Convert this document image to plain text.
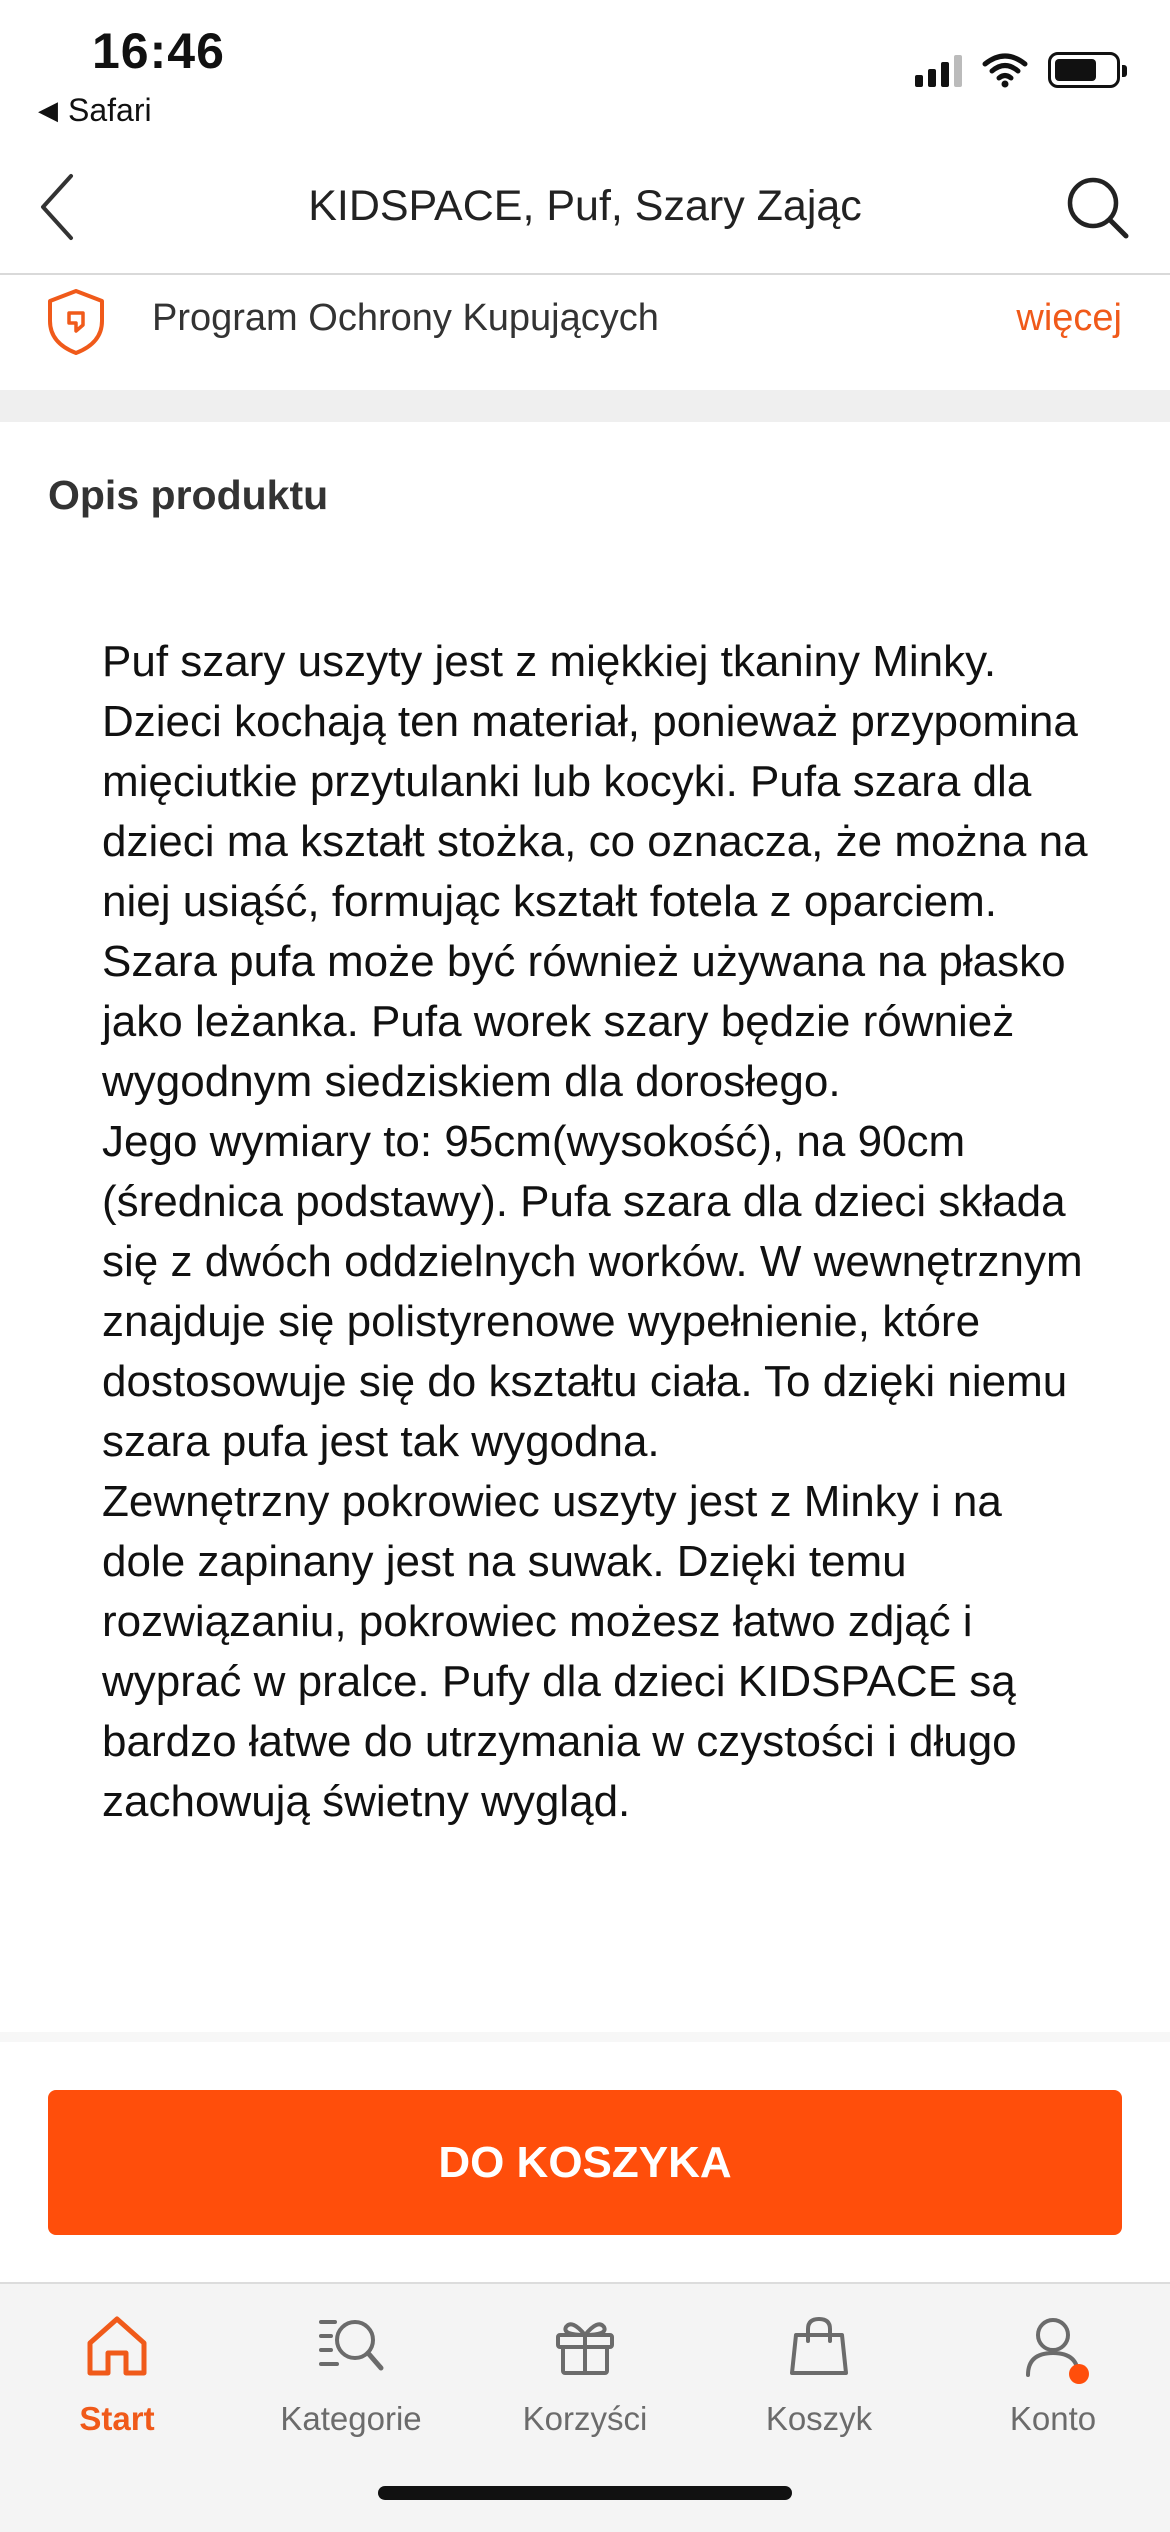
16:46
◀ Safari
KIDSPACE, Puf, Szary Zając
Program Ochrony Kupujących	więcej
Opis produktu

Puf szary uszyty jest z miękkiej tkaniny Minky. Dzieci kochają ten materiał, ponieważ przypomina mięciutkie przytulanki lub kocyki. Pufa szara dla dzieci ma kształt stożka, co oznacza, że można na niej usiąść, formując kształt fotela z oparciem. Szara pufa może być również używana na płasko jako leżanka. Pufa worek szary będzie również wygodnym siedziskiem dla dorosłego.

Jego wymiary to: 95cm(wysokość), na 90cm (średnica podstawy). Pufa szara dla dzieci składa się z dwóch oddzielnych worków. W wewnętrznym znajduje się polistyrenowe wypełnienie, które dostosowuje się do kształtu ciała. To dzięki niemu szara pufa jest tak wygodna.

Zewnętrzny pokrowiec uszyty jest z Minky i na dole zapinany jest na suwak. Dzięki temu rozwiązaniu, pokrowiec możesz łatwo zdjąć i wyprać w pralce. Pufy dla dzieci KIDSPACE są bardzo łatwe do utrzymania w czystości i długo zachowują świetny wygląd.

DO KOSZYKA
Start	Kategorie	Korzyści	Koszyk	Konto
